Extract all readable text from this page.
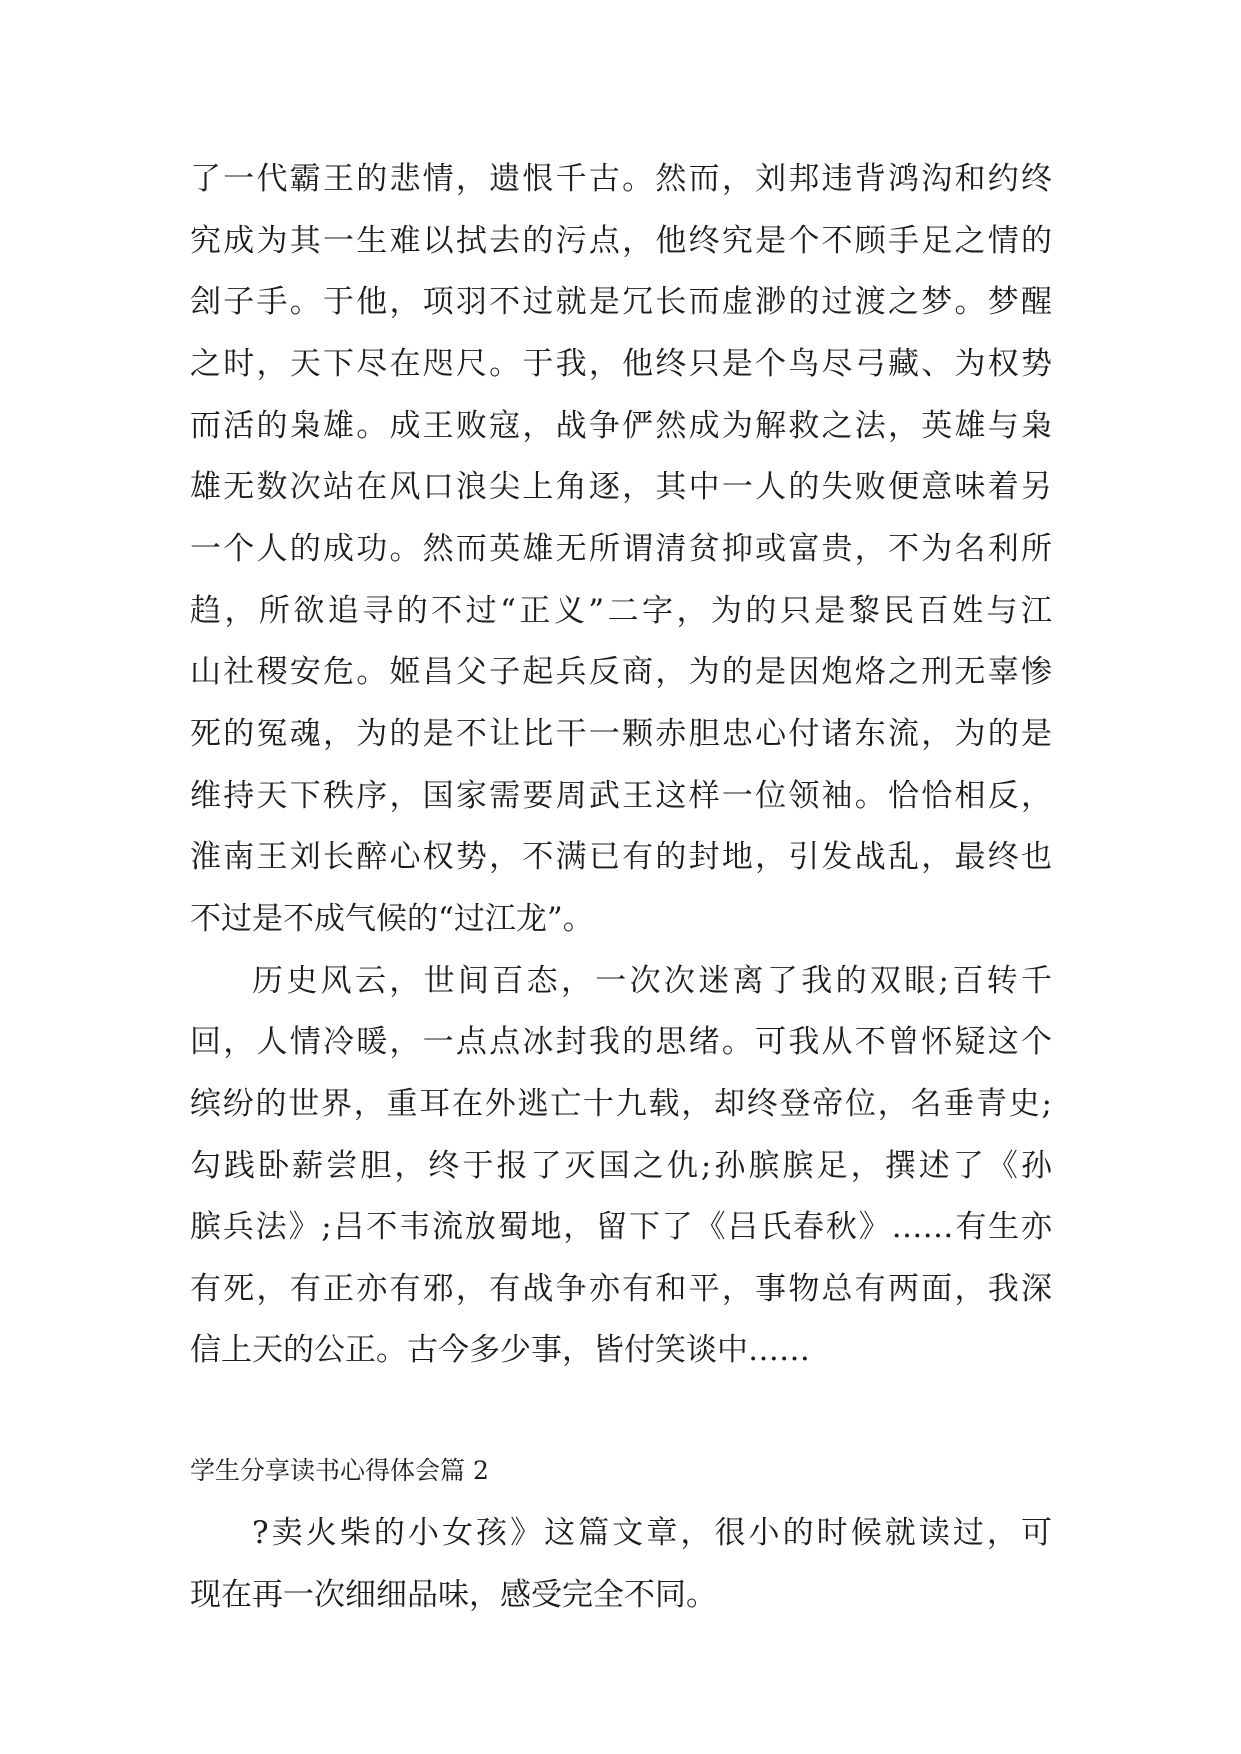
了一代霸王的悲情，遗恨千古。然而，刘邦违背鸿沟和约终
究成为其一生难以拭去的污点，他终究是个不顾手足之情的
刽子手。于他，项羽不过就是冗长而虚渺的过渡之梦。梦醒
之时，天下尽在咫尺。于我，他终只是个鸟尽弓藏、为权势
而活的枭雄。成王败寇，战争俨然成为解救之法，英雄与枭
雄无数次站在风口浪尖上角逐，其中一人的失败便意味着另
一个人的成功。然而英雄无所谓清贫抑或富贵，不为名利所
趋，所欲追寻的不过“正义”二字，为的只是黎民百姓与江
山社稷安危。姬昌父子起兵反商，为的是因炮烙之刑无辜惨
死的冤魂，为的是不让比干一颗赤胆忠心付诸东流，为的是
维持天下秩序，国家需要周武王这样一位领袖。恰恰相反，
淮南王刘长醉心权势，不满已有的封地，引发战乱，最终也
不过是不成气候的“过江龙”。
历史风云，世间百态，一次次迷离了我的双眼;百转千
回，人情冷暖，一点点冰封我的思绪。可我从不曾怀疑这个
缤纷的世界，重耳在外逃亡十九载，却终登帝位，名垂青史;
勾践卧薪尝胆，终于报了灭国之仇;孙膑膑足，撰述了《孙
膑兵法》;吕不韦流放蜀地，留下了《吕氏春秋》……有生亦
有死，有正亦有邪，有战争亦有和平，事物总有两面，我深
信上天的公正。古今多少事，皆付笑谈中……
学生分享读书心得体会篇 2
?卖火柴的小女孩》这篇文章，很小的时候就读过，可
现在再一次细细品味，感受完全不同。
